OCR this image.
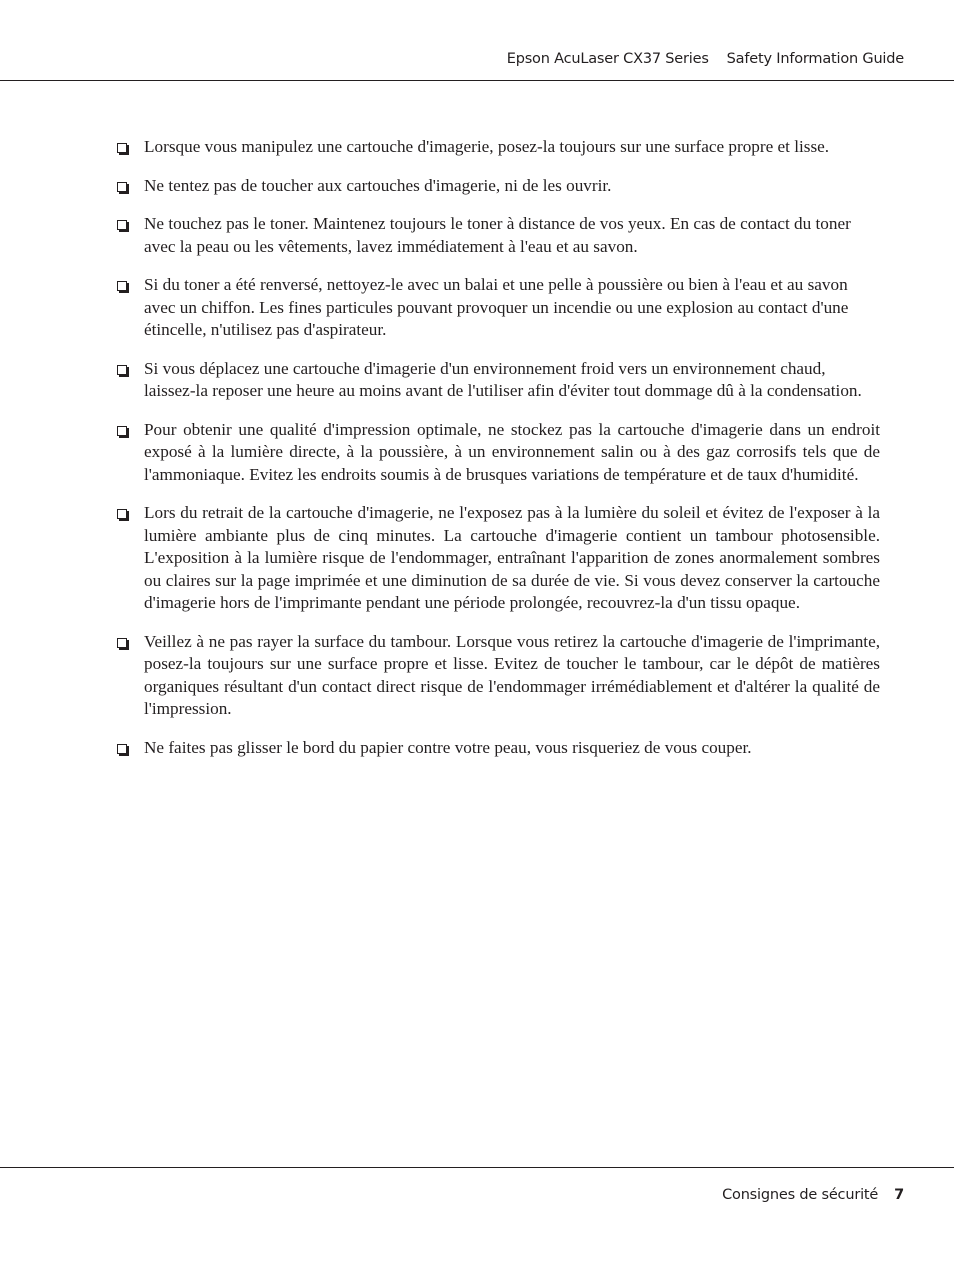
Epson AcuLaser CX37 Series Safety Information Guide
Lorsque vous manipulez une cartouche d'imagerie, posez-la toujours sur une surface propre et lisse.
Ne tentez pas de toucher aux cartouches d'imagerie, ni de les ouvrir.
Ne touchez pas le toner. Maintenez toujours le toner à distance de vos yeux. En cas de contact du toner avec la peau ou les vêtements, lavez immédiatement à l'eau et au savon.
Si du toner a été renversé, nettoyez-le avec un balai et une pelle à poussière ou bien à l'eau et au savon avec un chiffon. Les fines particules pouvant provoquer un incendie ou une explosion au contact d'une étincelle, n'utilisez pas d'aspirateur.
Si vous déplacez une cartouche d'imagerie d'un environnement froid vers un environnement chaud, laissez-la reposer une heure au moins avant de l'utiliser afin d'éviter tout dommage dû à la condensation.
Pour obtenir une qualité d'impression optimale, ne stockez pas la cartouche d'imagerie dans un endroit exposé à la lumière directe, à la poussière, à un environnement salin ou à des gaz corrosifs tels que de l'ammoniaque. Evitez les endroits soumis à de brusques variations de température et de taux d'humidité.
Lors du retrait de la cartouche d'imagerie, ne l'exposez pas à la lumière du soleil et évitez de l'exposer à la lumière ambiante plus de cinq minutes. La cartouche d'imagerie contient un tambour photosensible. L'exposition à la lumière risque de l'endommager, entraînant l'apparition de zones anormalement sombres ou claires sur la page imprimée et une diminution de sa durée de vie. Si vous devez conserver la cartouche d'imagerie hors de l'imprimante pendant une période prolongée, recouvrez-la d'un tissu opaque.
Veillez à ne pas rayer la surface du tambour. Lorsque vous retirez la cartouche d'imagerie de l'imprimante, posez-la toujours sur une surface propre et lisse. Evitez de toucher le tambour, car le dépôt de matières organiques résultant d'un contact direct risque de l'endommager irrémédiablement et d'altérer la qualité de l'impression.
Ne faites pas glisser le bord du papier contre votre peau, vous risqueriez de vous couper.
Consignes de sécurité 7
